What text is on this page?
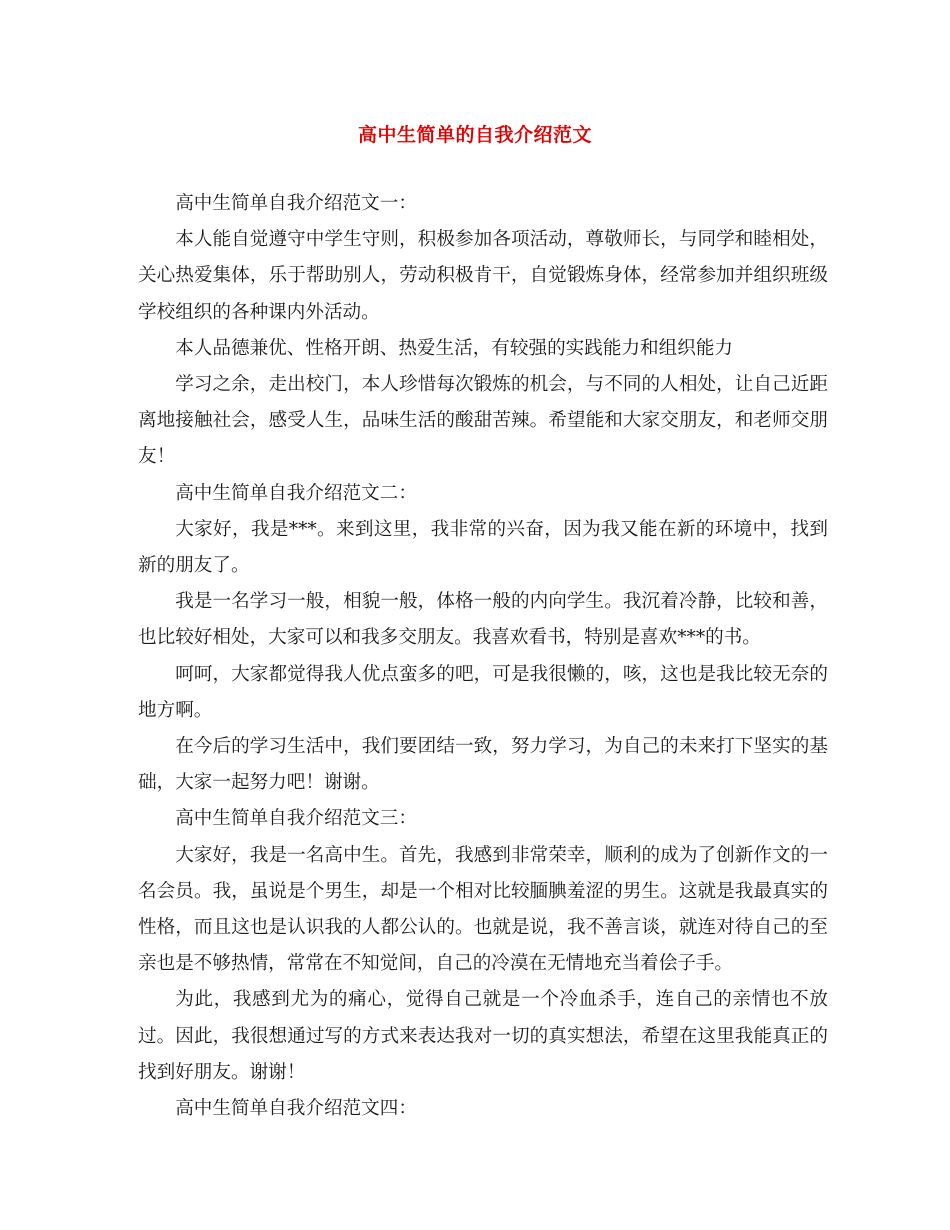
高中生简单的自我介绍范文

高中生简单自我介绍范文一：

本人能自觉遵守中学生守则，积极参加各项活动，尊敬师长，与同学和睦相处，关心热爱集体，乐于帮助别人，劳动积极肯干，自觉锻炼身体，经常参加并组织班级学校组织的各种课内外活动。

本人品德兼优、性格开朗、热爱生活，有较强的实践能力和组织能力

学习之余，走出校门，本人珍惜每次锻炼的机会，与不同的人相处，让自己近距离地接触社会，感受人生，品味生活的酸甜苦辣。希望能和大家交朋友，和老师交朋友！

高中生简单自我介绍范文二：

大家好，我是***。来到这里，我非常的兴奋，因为我又能在新的环境中，找到新的朋友了。

我是一名学习一般，相貌一般，体格一般的内向学生。我沉着冷静，比较和善，也比较好相处，大家可以和我多交朋友。我喜欢看书，特别是喜欢***的书。

呵呵，大家都觉得我人优点蛮多的吧，可是我很懒的，咳，这也是我比较无奈的地方啊。

在今后的学习生活中，我们要团结一致，努力学习，为自己的未来打下坚实的基础，大家一起努力吧！谢谢。

高中生简单自我介绍范文三：

大家好，我是一名高中生。首先，我感到非常荣幸，顺利的成为了创新作文的一名会员。我，虽说是个男生，却是一个相对比较腼腆羞涩的男生。这就是我最真实的性格，而且这也是认识我的人都公认的。也就是说，我不善言谈，就连对待自己的至亲也是不够热情，常常在不知觉间，自己的冷漠在无情地充当着侩子手。

为此，我感到尤为的痛心，觉得自己就是一个冷血杀手，连自己的亲情也不放过。因此，我很想通过写的方式来表达我对一切的真实想法，希望在这里我能真正的找到好朋友。谢谢！

高中生简单自我介绍范文四：
